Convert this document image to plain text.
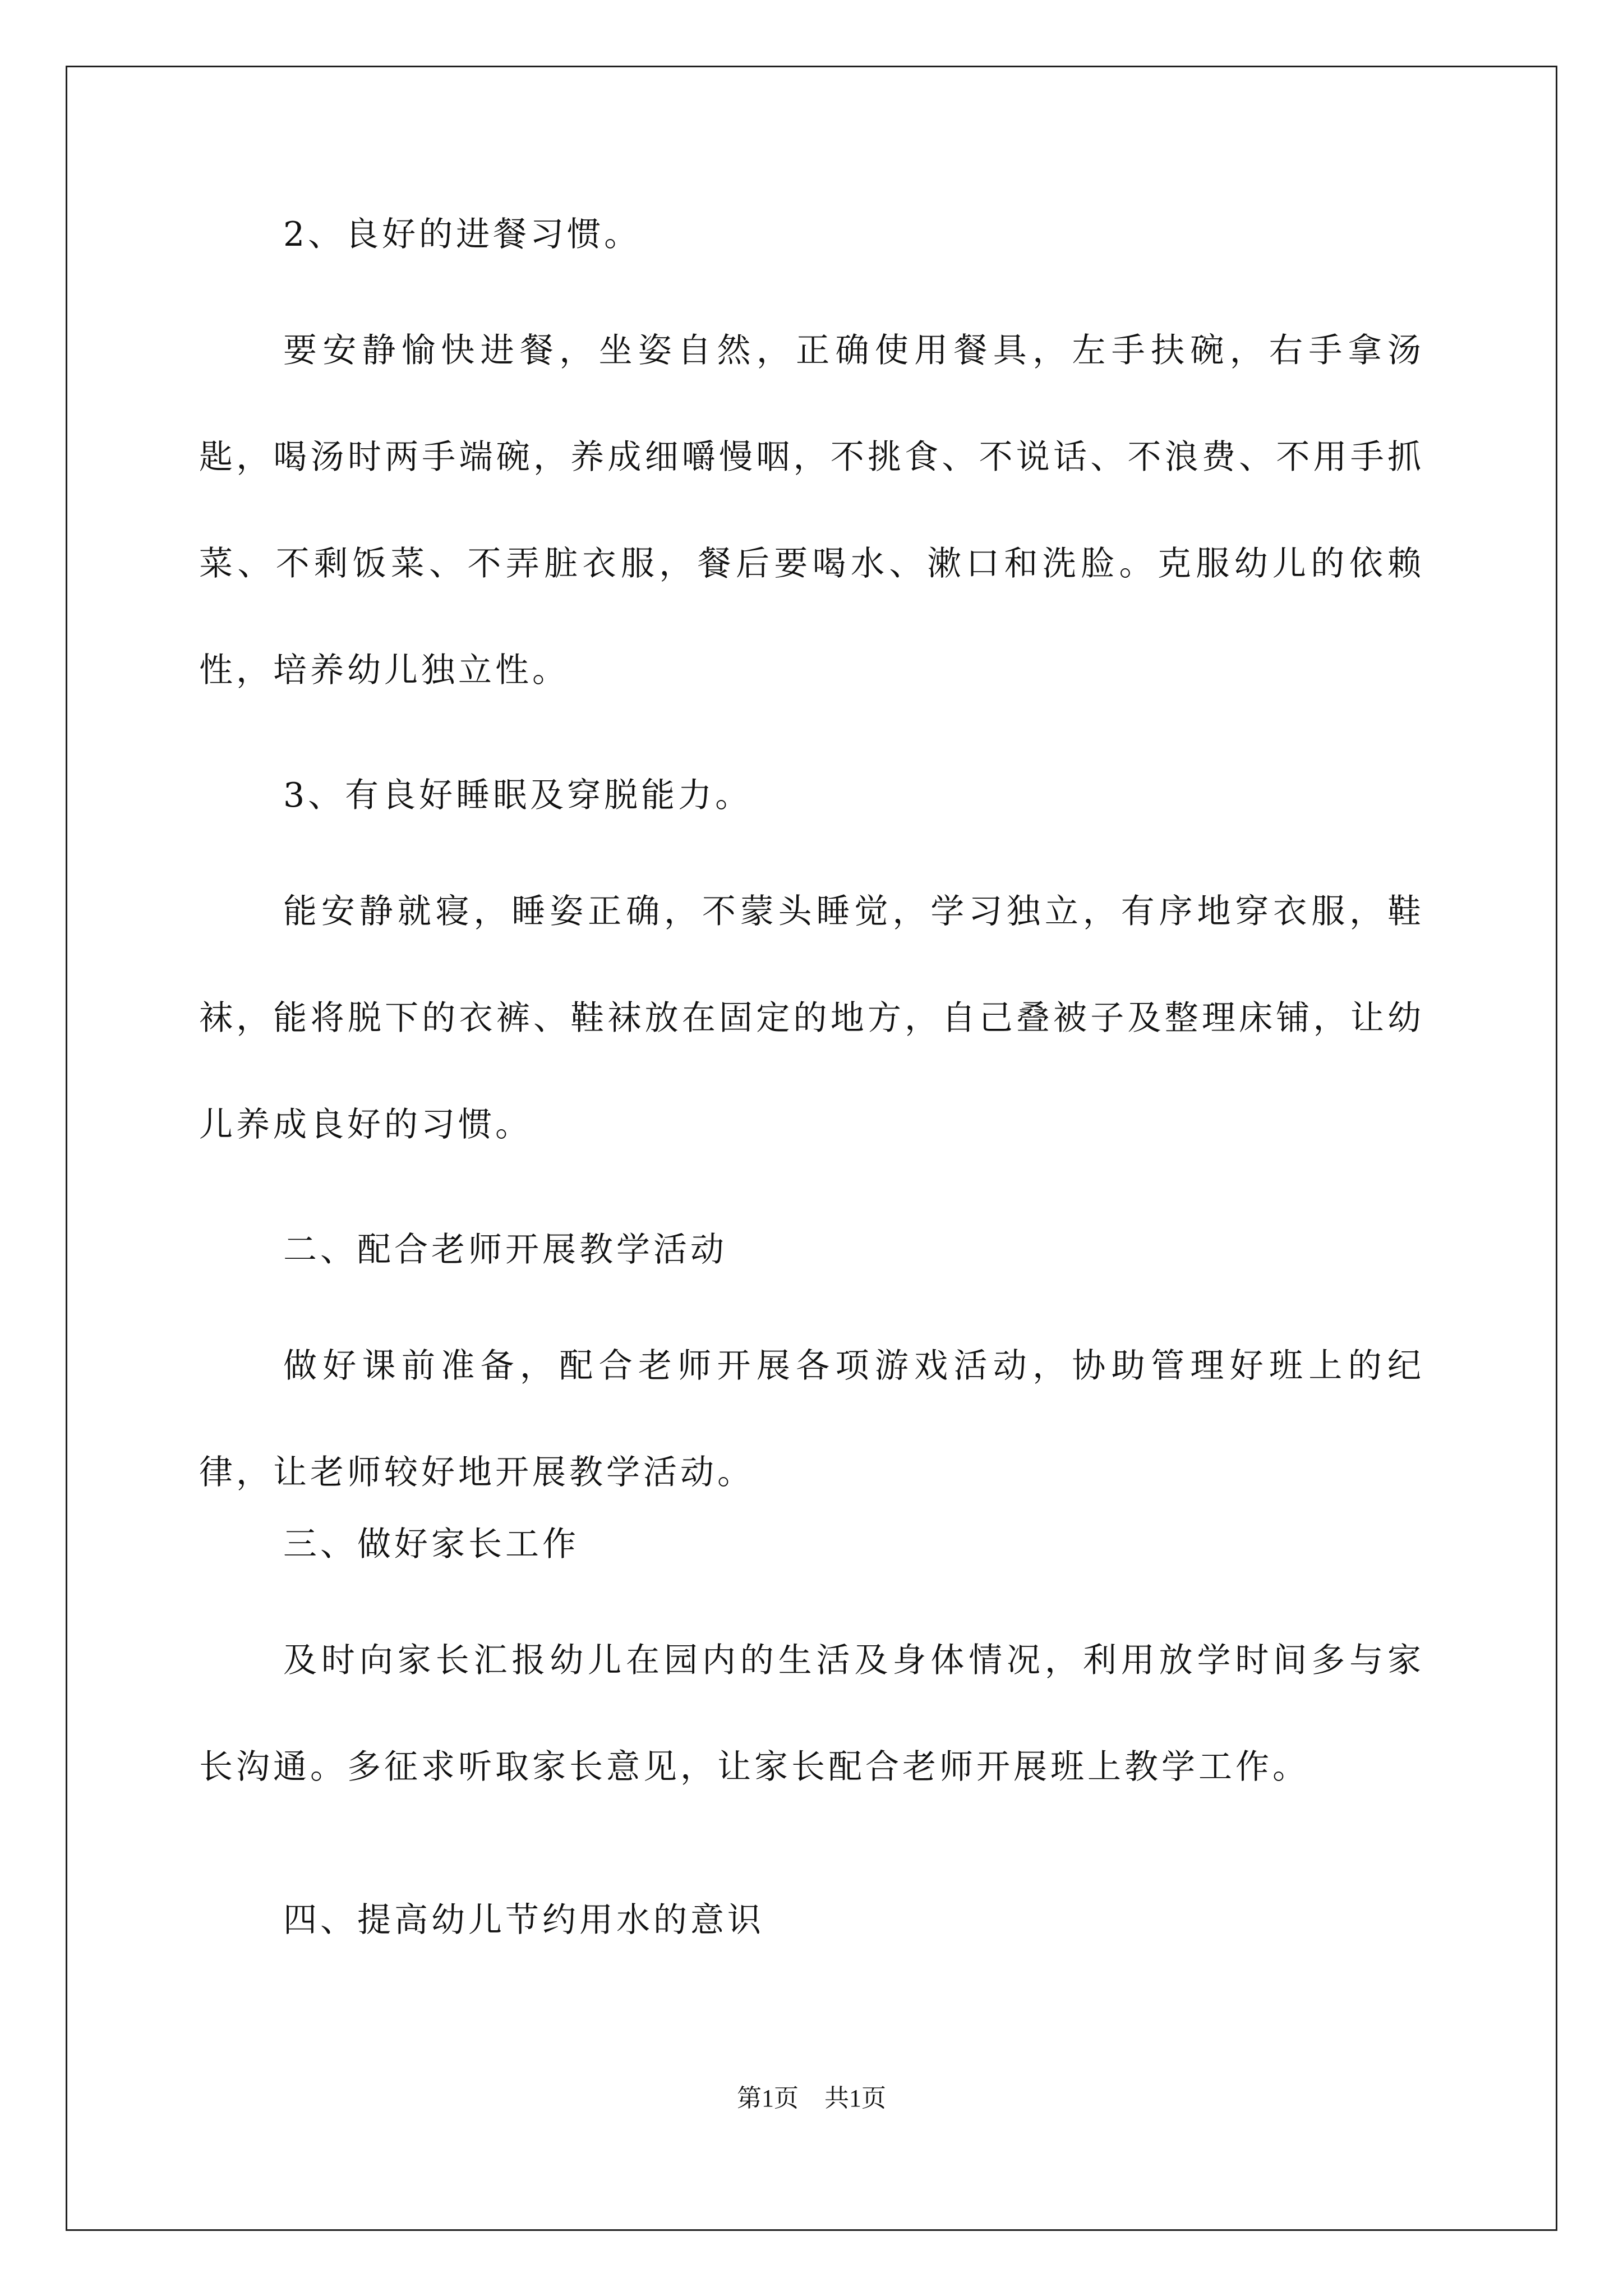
2、良好的进餐习惯。

要安静愉快进餐，坐姿自然，正确使用餐具，左手扶碗，右手拿汤匙，喝汤时两手端碗，养成细嚼慢咽，不挑食、不说话、不浪费、不用手抓菜、不剩饭菜、不弄脏衣服，餐后要喝水、漱口和洗脸。克服幼儿的依赖性，培养幼儿独立性。

3、有良好睡眠及穿脱能力。

能安静就寝，睡姿正确，不蒙头睡觉，学习独立，有序地穿衣服，鞋袜，能将脱下的衣裤、鞋袜放在固定的地方，自己叠被子及整理床铺，让幼儿养成良好的习惯。

二、配合老师开展教学活动

做好课前准备，配合老师开展各项游戏活动，协助管理好班上的纪律，让老师较好地开展教学活动。

三、做好家长工作

及时向家长汇报幼儿在园内的生活及身体情况，利用放学时间多与家长沟通。多征求听取家长意见，让家长配合老师开展班上教学工作。

四、提高幼儿节约用水的意识

第1页 共1页
